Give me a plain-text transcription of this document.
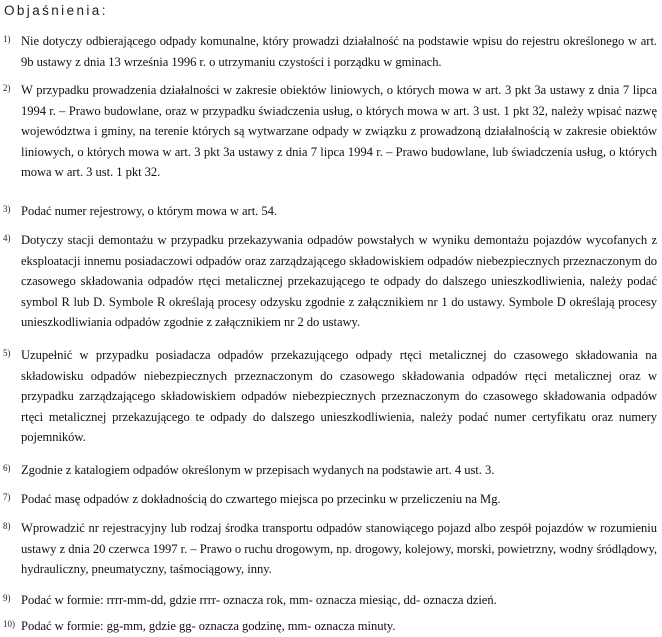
Objaśnienia:
1) Nie dotyczy odbierającego odpady komunalne, który prowadzi działalność na podstawie wpisu do rejestru określonego w art. 9b ustawy z dnia 13 września 1996 r. o utrzymaniu czystości i porządku w gminach.
2) W przypadku prowadzenia działalności w zakresie obiektów liniowych, o których mowa w art. 3 pkt 3a ustawy z dnia 7 lipca 1994 r. – Prawo budowlane, oraz w przypadku świadczenia usług, o których mowa w art. 3 ust. 1 pkt 32, należy wpisać nazwę województwa i gminy, na terenie których są wytwarzane odpady w związku z prowadzoną działalnością w zakresie obiektów liniowych, o których mowa w art. 3 pkt 3a ustawy z dnia 7 lipca 1994 r. – Prawo budowlane, lub świadczenia usług, o których mowa w art. 3 ust. 1 pkt 32.
3) Podać numer rejestrowy, o którym mowa w art. 54.
4) Dotyczy stacji demontażu w przypadku przekazywania odpadów powstałych w wyniku demontażu pojazdów wycofanych z eksploatacji innemu posiadaczowi odpadów oraz zarządzającego składowiskiem odpadów niebezpiecznych przeznaczonym do czasowego składowania odpadów rtęci metalicznej przekazującego te odpady do dalszego unieszkodliwienia, należy podać symbol R lub D. Symbole R określają procesy odzysku zgodnie z załącznikiem nr 1 do ustawy. Symbole D określają procesy unieszkodliwiania odpadów zgodnie z załącznikiem nr 2 do ustawy.
5) Uzupełnić w przypadku posiadacza odpadów przekazującego odpady rtęci metalicznej do czasowego składowania na składowisku odpadów niebezpiecznych przeznaczonym do czasowego składowania odpadów rtęci metalicznej oraz w przypadku zarządzającego składowiskiem odpadów niebezpiecznych przeznaczonym do czasowego składowania odpadów rtęci metalicznej przekazującego te odpady do dalszego unieszkodliwienia, należy podać numer certyfikatu oraz numery pojemników.
6) Zgodnie z katalogiem odpadów określonym w przepisach wydanych na podstawie art. 4 ust. 3.
7) Podać masę odpadów z dokładnością do czwartego miejsca po przecinku w przeliczeniu na Mg.
8) Wprowadzić nr rejestracyjny lub rodzaj środka transportu odpadów stanowiącego pojazd albo zespół pojazdów w rozumieniu ustawy z dnia 20 czerwca 1997 r. – Prawo o ruchu drogowym, np. drogowy, kolejowy, morski, powietrzny, wodny śródlądowy, hydrauliczny, pneumatyczny, taśmociągowy, inny.
9) Podać w formie: rrrr-mm-dd, gdzie rrrr- oznacza rok, mm- oznacza miesiąc, dd- oznacza dzień.
10) Podać w formie: gg-mm, gdzie gg- oznacza godzinę, mm- oznacza minuty.
